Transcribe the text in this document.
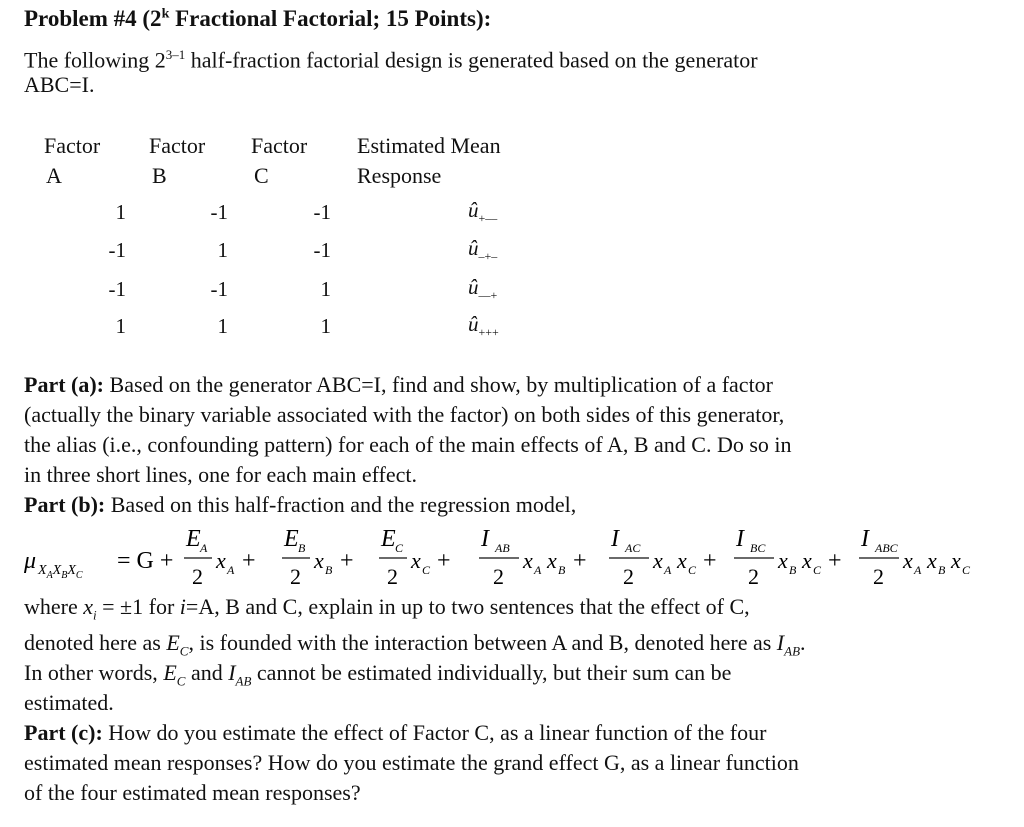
Problem #4 (2$^k$ Fractional Factorial; 15 Points):
The following 2$^{3-1}$ half-fraction factorial design is generated based on the generator
ABC=I.
Factor
A
Factor
B
Factor
C
Estimated Mean
Response
1	-1	-1	$û_{+--}$
-1	1	-1	$û_{-+-}$
-1	-1	1	$û_{--+}$
1	1	1	$û_{+++}$
Part (a): Based on the generator ABC=I, find and show, by multiplication of a factor
(actually the binary variable associated with the factor) on both sides of this generator,
the alias (i.e., confounding pattern) for each of the main effects of A, B and C. Do so in
in three short lines, one for each main effect.
Part (b): Based on this half-fraction and the regression model,
μ $X_AX_BX_C$
= G +
E A
2
x A +
E B
2
x B +
E C
2
x C +
I AB
2
x A x B +
I AC
2
x A x C +
I BC
2
x B x C +
I ABC
2
x A x B x C
where $x_i = \pm 1$ for i=A, B and C, explain in up to two sentences that the effect of C,
denoted here as $E_C$, is founded with the interaction between A and B, denoted here as $I_{AB}$.
In other words, $E_C$ and $I_{AB}$ cannot be estimated individually, but their sum can be
estimated.
Part (c): How do you estimate the effect of Factor C, as a linear function of the four
estimated mean responses? How do you estimate the grand effect G, as a linear function
of the four estimated mean responses?
